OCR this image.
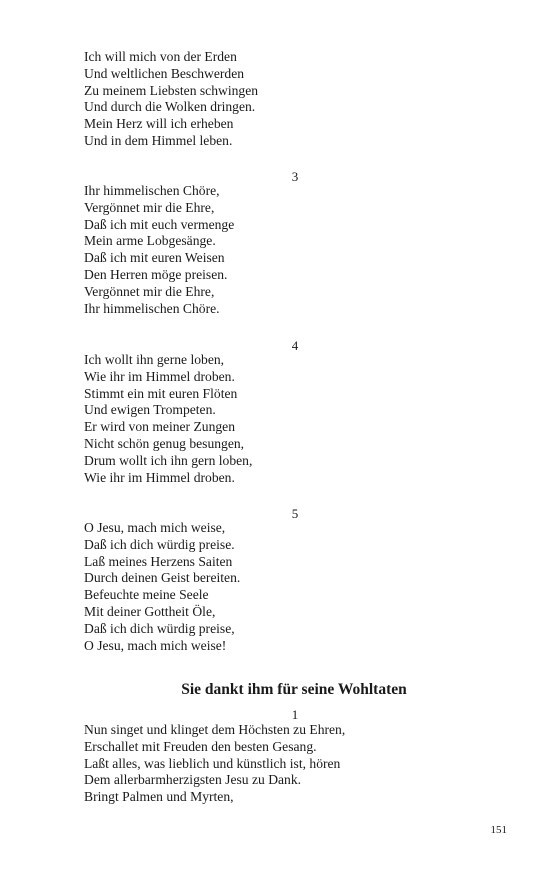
Ich will mich von der Erden
Und weltlichen Beschwerden
Zu meinem Liebsten schwingen
Und durch die Wolken dringen.
Mein Herz will ich erheben
Und in dem Himmel leben.
3
Ihr himmelischen Chöre,
Vergönnet mir die Ehre,
Daß ich mit euch vermenge
Mein arme Lobgesänge.
Daß ich mit euren Weisen
Den Herren möge preisen.
Vergönnet mir die Ehre,
Ihr himmelischen Chöre.
4
Ich wollt ihn gerne loben,
Wie ihr im Himmel droben.
Stimmt ein mit euren Flöten
Und ewigen Trompeten.
Er wird von meiner Zungen
Nicht schön genug besungen,
Drum wollt ich ihn gern loben,
Wie ihr im Himmel droben.
5
O Jesu, mach mich weise,
Daß ich dich würdig preise.
Laß meines Herzens Saiten
Durch deinen Geist bereiten.
Befeuchte meine Seele
Mit deiner Gottheit Öle,
Daß ich dich würdig preise,
O Jesu, mach mich weise!
Sie dankt ihm für seine Wohltaten
1
Nun singet und klinget dem Höchsten zu Ehren,
Erschallet mit Freuden den besten Gesang.
Laßt alles, was lieblich und künstlich ist, hören
Dem allerbarmherzigsten Jesu zu Dank.
Bringt Palmen und Myrten,
151
